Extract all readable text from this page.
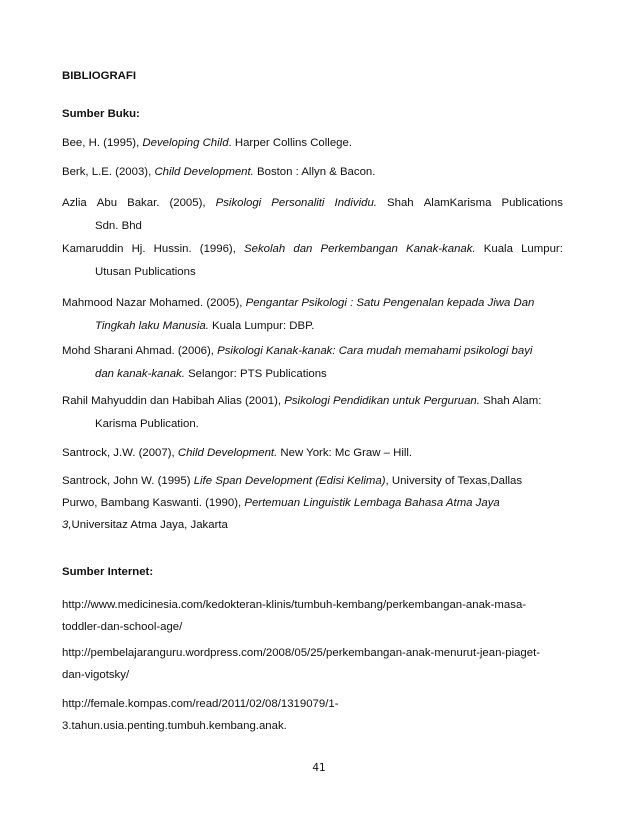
BIBLIOGRAFI
Sumber Buku:
Bee, H. (1995), Developing Child. Harper Collins College.
Berk, L.E. (2003), Child Development. Boston : Allyn & Bacon.
Azlia Abu Bakar. (2005), Psikologi Personaliti Individu. Shah AlamKarisma Publications
Sdn. Bhd
Kamaruddin Hj. Hussin. (1996), Sekolah dan Perkembangan Kanak-kanak. Kuala Lumpur:
Utusan Publications
Mahmood Nazar Mohamed. (2005), Pengantar Psikologi : Satu Pengenalan kepada Jiwa Dan
Tingkah laku Manusia. Kuala Lumpur: DBP.
Mohd Sharani Ahmad. (2006), Psikologi Kanak-kanak: Cara mudah memahami psikologi bayi
dan kanak-kanak. Selangor: PTS Publications
Rahil Mahyuddin dan Habibah Alias (2001), Psikologi Pendidikan untuk Perguruan. Shah Alam:
Karisma Publication.
Santrock, J.W. (2007), Child Development. New York: Mc Graw – Hill.
Santrock, John W. (1995) Life Span Development (Edisi Kelima), University of Texas,Dallas
Purwo, Bambang Kaswanti. (1990), Pertemuan Linguistik Lembaga Bahasa Atma Jaya
3,Universitaz Atma Jaya, Jakarta
Sumber Internet:
http://www.medicinesia.com/kedokteran-klinis/tumbuh-kembang/perkembangan-anak-masa-
toddler-dan-school-age/
http://pembelajaranguru.wordpress.com/2008/05/25/perkembangan-anak-menurut-jean-piaget-
dan-vigotsky/
http://female.kompas.com/read/2011/02/08/1319079/1-
3.tahun.usia.penting.tumbuh.kembang.anak.
41
